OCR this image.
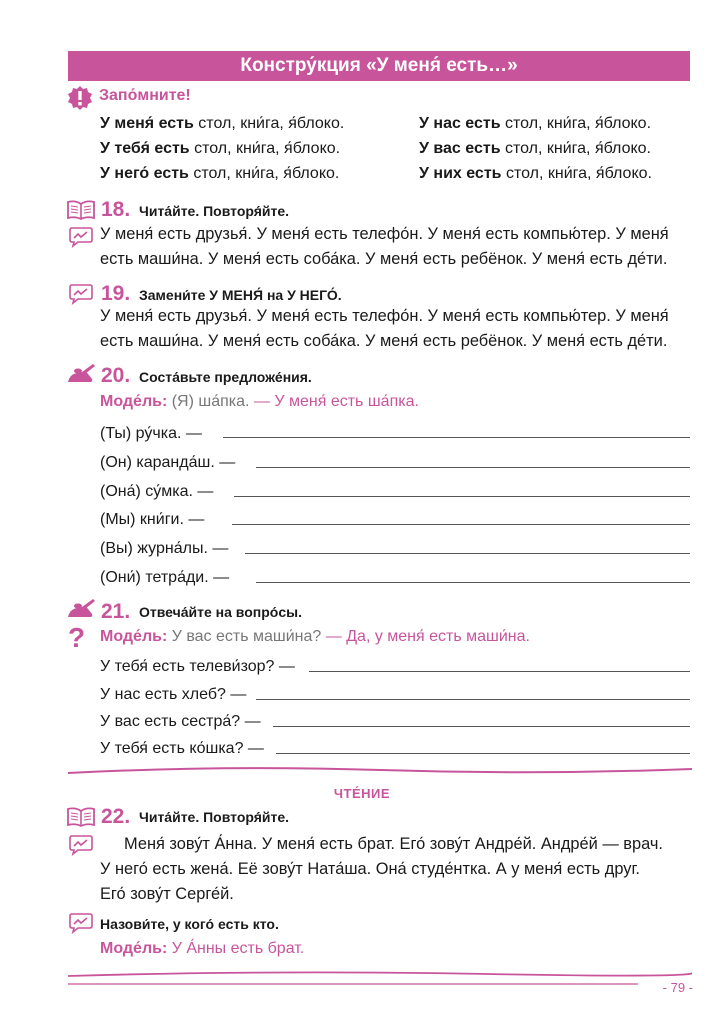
Констру́кция «У меня́ есть…»
Запо́мните!
У меня́ есть стол, кни́га, я́блоко.
У тебя́ есть стол, кни́га, я́блоко.
У него́ есть стол, кни́га, я́блоко.
У нас есть стол, кни́га, я́блоко.
У вас есть стол, кни́га, я́блоко.
У них есть стол, кни́га, я́блоко.
18. Чита́йте. Повторя́йте.
У меня́ есть друзья́. У меня́ есть телефо́н. У меня́ есть компью́тер. У меня́
есть маши́на. У меня́ есть соба́ка. У меня́ есть ребёнок. У меня́ есть де́ти.
19. Замени́те У МЕНЯ́ на У НЕГО́.
У меня́ есть друзья́. У меня́ есть телефо́н. У меня́ есть компью́тер. У меня́
есть маши́на. У меня́ есть соба́ка. У меня́ есть ребёнок. У меня́ есть де́ти.
20. Соста́вьте предложе́ния.
Моде́ль: (Я) ша́пка. — У меня́ есть ша́пка.
(Ты) ру́чка. —
(Он) каранда́ш. —
(Она́) су́мка. —
(Мы) кни́ги. —
(Вы) журна́лы. —
(Они́) тетра́ди. —
21. Отвеча́йте на вопро́сы.
? Моде́ль: У вас есть маши́на? — Да, у меня́ есть маши́на.
У тебя́ есть телеви́зор? —
У нас есть хлеб? —
У вас есть сестра́? —
У тебя́ есть ко́шка? —
ЧТЕ́НИЕ
22. Чита́йте. Повторя́йте.
Меня́ зову́т А́нна. У меня́ есть брат. Его́ зову́т Андре́й. Андре́й — врач.
У него́ есть жена́. Её зову́т Ната́ша. Она́ студе́нтка. А у меня́ есть друг.
Его́ зову́т Серге́й.
Назови́те, у кого́ есть кто.
Моде́ль: У А́нны есть брат.
- 79 -
